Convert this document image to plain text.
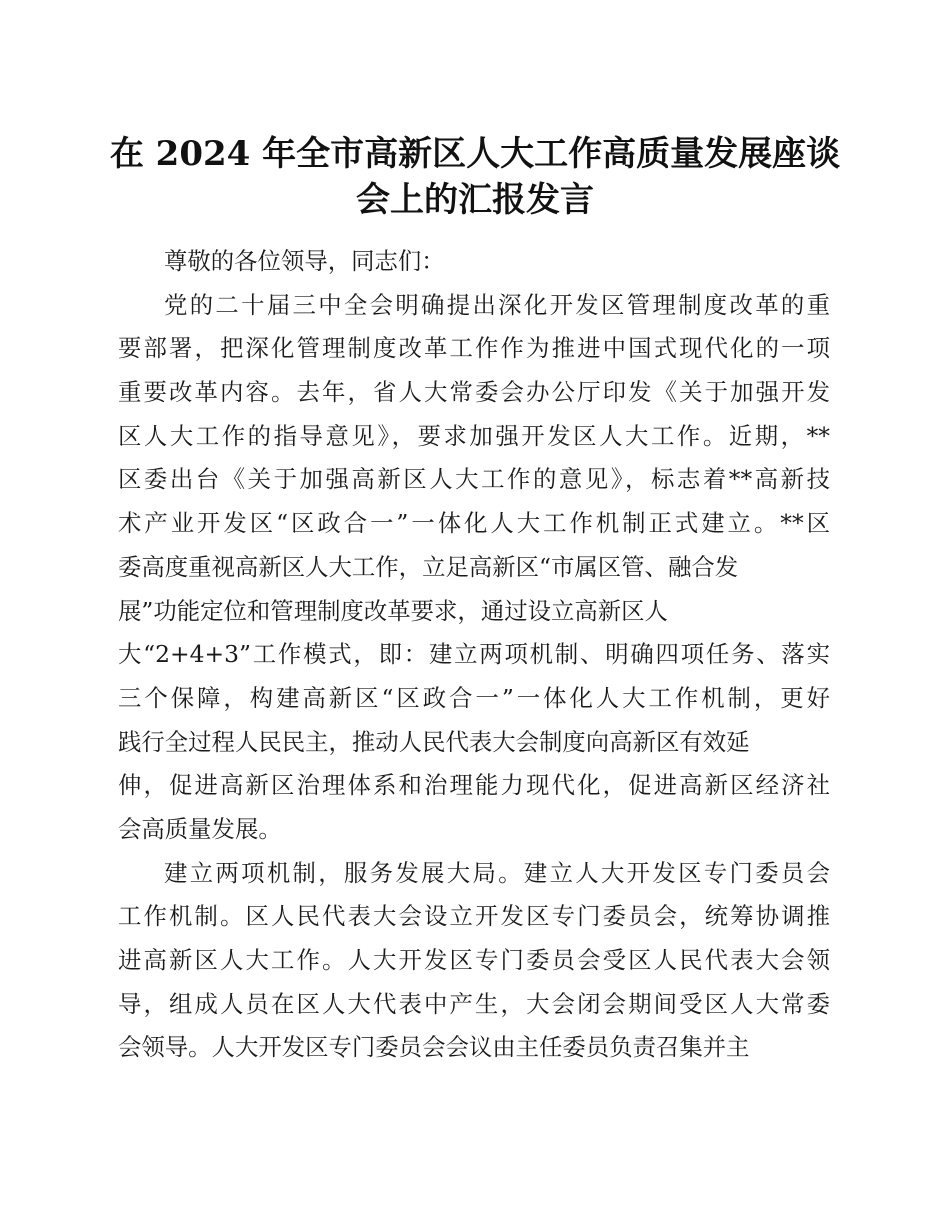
在 2024 年全市高新区人大工作高质量发展座谈
会上的汇报发言
尊敬的各位领导，同志们：
党的二十届三中全会明确提出深化开发区管理制度改革的重
要部署，把深化管理制度改革工作作为推进中国式现代化的一项
重要改革内容。去年，省人大常委会办公厅印发《关于加强开发
区人大工作的指导意见》，要求加强开发区人大工作。近期，**
区委出台《关于加强高新区人大工作的意见》，标志着**高新技
术产业开发区“区政合一”一体化人大工作机制正式建立。**区
委高度重视高新区人大工作，立足高新区“市属区管、融合发
展”功能定位和管理制度改革要求，通过设立高新区人
大“2+4+3”工作模式，即：建立两项机制、明确四项任务、落实
三个保障，构建高新区“区政合一”一体化人大工作机制，更好
践行全过程人民民主，推动人民代表大会制度向高新区有效延
伸，促进高新区治理体系和治理能力现代化，促进高新区经济社
会高质量发展。
建立两项机制，服务发展大局。建立人大开发区专门委员会
工作机制。区人民代表大会设立开发区专门委员会，统筹协调推
进高新区人大工作。人大开发区专门委员会受区人民代表大会领
导，组成人员在区人大代表中产生，大会闭会期间受区人大常委
会领导。人大开发区专门委员会会议由主任委员负责召集并主
